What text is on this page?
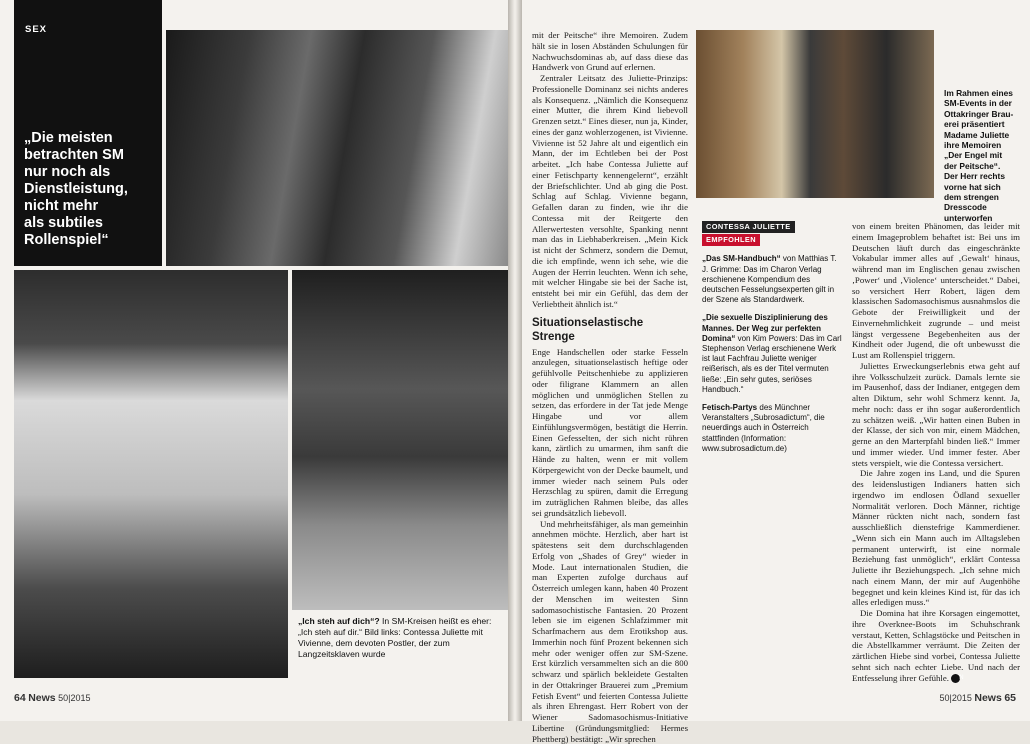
SEX
„Die meisten
betrachten SM
nur noch als
Dienstleistung,
nicht mehr
als subtiles
Rollenspiel“
„Ich steh auf dich“? In SM-Kreisen heißt es eher: „Ich steh auf dir.“ Bild links: Contessa Juliette mit Vivienne, dem devoten Postler, der zum Langzeitsklaven wurde
64 News 50|2015

mit der Peitsche“ ihre Memoiren. Zudem hält sie in losen Abständen Schulungen für Nachwuchsdominas ab, auf dass diese das Handwerk von Grund auf erlernen.

Zentraler Leitsatz des Juliette-Prinzips: Professionelle Dominanz sei nichts anderes als Konsequenz. „Nämlich die Konsequenz einer Mutter, die ihrem Kind liebevoll Grenzen setzt.“ Eines dieser, nun ja, Kinder, eines der ganz wohlerzogenen, ist Vivienne. Vivienne ist 52 Jahre alt und eigentlich ein Mann, der im Echtleben bei der Post arbeitet. „Ich habe Contessa Juliette auf einer Fetischparty kennengelernt“, erzählt der Briefschlichter. Und ab ging die Post. Schlag auf Schlag. Vivienne begann, Gefallen daran zu finden, wie ihr die Contessa mit der Reitgerte den Allerwertesten versohlte, Spanking nennt man das in Liebhaberkreisen. „Mein Kick ist nicht der Schmerz, sondern die Demut, die ich empfinde, wenn ich sehe, wie die Augen der Herrin leuchten. Wenn ich sehe, mit welcher Hingabe sie bei der Sache ist, entsteht bei mir ein Gefühl, das dem der Verliebtheit ähnlich ist.“

Situationselastische Strenge

Enge Handschellen oder starke Fesseln anzulegen, situationselastisch heftige oder gefühlvolle Peitschenhiebe zu applizieren oder filigrane Klammern an allen möglichen und unmöglichen Stellen zu setzen, das erfordere in der Tat jede Menge Hingabe und vor allem Einfühlungsvermögen, bestätigt die Herrin. Einen Gefesselten, der sich nicht rühren kann, zärtlich zu umarmen, ihm sanft die Hände zu halten, wenn er mit vollem Körpergewicht von der Decke baumelt, und immer wieder nach seinem Puls oder Herzschlag zu spüren, damit die Erregung im zuträglichen Rahmen bleibe, das alles sei grundsätzlich liebevoll.

Und mehrheitsfähiger, als man gemeinhin annehmen möchte. Herzlich, aber hart ist spätestens seit dem durchschlagenden Erfolg von „Shades of Grey“ wieder in Mode. Laut internationalen Studien, die man Experten zufolge durchaus auf Österreich umlegen kann, haben 40 Prozent der Menschen im weitesten Sinn sadomasochistische Fantasien. 20 Prozent leben sie im eigenen Schlafzimmer mit Scharfmachern aus dem Erotikshop aus. Immerhin noch fünf Prozent bekennen sich mehr oder weniger offen zur SM-Szene. Erst kürzlich versammelten sich an die 800 schwarz und spärlich bekleidete Gestalten in der Ottakringer Brauerei zum „Premium Fetish Event“ und feierten Contessa Juliette als ihren Ehrengast. Herr Robert von der Wiener Sadomasochismus-Initiative Libertine (Gründungsmitglied: Hermes Phettberg) bestätigt: „Wir sprechen

Im Rahmen eines
SM-Events in der
Ottakringer Brau-
erei präsentiert
Madame Juliette
ihre Memoiren
„Der Engel mit
der Peitsche“.
Der Herr rechts
vorne hat sich
dem strengen
Dresscode
unterworfen
CONTESSA JULIETTE
EMPFOHLEN
„Das SM-Handbuch“ von Matthias T. J. Grimme: Das im Charon Verlag erschienene Kompendium des deutschen Fesselungsexperten gilt in der Szene als Standardwerk.
„Die sexuelle Disziplinierung des Mannes. Der Weg zur perfekten Domina“ von Kim Powers: Das im Carl Stephenson Verlag erschienene Werk ist laut Fachfrau Juliette weniger reißerisch, als es der Titel vermuten ließe: „Ein sehr gutes, seriöses Handbuch.“
Fetisch-Partys des Münchner Veranstalters „Subrosadictum“, die neuerdings auch in Österreich stattfinden (Information: www.subrosadictum.de)

von einem breiten Phänomen, das leider mit einem Imageproblem behaftet ist: Bei uns im Deutschen läuft durch das eingeschränkte Vokabular immer alles auf ‚Gewalt‘ hinaus, während man im Englischen genau zwischen ‚Power‘ und ‚Violence‘ unterscheidet.“ Dabei, so versichert Herr Robert, lägen dem klassischen Sadomasochismus ausnahmslos die Gebote der Freiwilligkeit und der Einvernehmlichkeit zugrunde – und meist längst vergessene Begebenheiten aus der Kindheit oder Jugend, die oft unbewusst die Lust am Rollenspiel triggern.

Juliettes Erweckungserlebnis etwa geht auf ihre Volksschulzeit zurück. Damals lernte sie im Pausenhof, dass der Indianer, entgegen dem alten Diktum, sehr wohl Schmerz kennt. Ja, mehr noch: dass er ihn sogar außerordentlich zu schätzen weiß. „Wir hatten einen Buben in der Klasse, der sich von mir, einem Mädchen, gerne an den Marterpfahl binden ließ.“ Immer und immer wieder. Und immer fester. Aber stets verspielt, wie die Contessa versichert.

Die Jahre zogen ins Land, und die Spuren des leidenslustigen Indianers hatten sich irgendwo im endlosen Ödland sexueller Normalität verloren. Doch Männer, richtige Männer rückten nicht nach, sondern fast ausschließlich dienstefrige Kammerdiener. „Wenn sich ein Mann auch im Alltagsleben permanent unterwirft, ist eine normale Beziehung fast unmöglich“, erklärt Contessa Juliette ihr Beziehungspech. „Ich sehne mich nach einem Mann, der mir auf Augenhöhe begegnet und kein kleines Kind ist, für das ich alles erledigen muss.“

Die Domina hat ihre Korsagen eingemottet, ihre Overknee-Boots im Schuhschrank verstaut, Ketten, Schlagstöcke und Peitschen in die Abstellkammer verräumt. Die Zeiten der zärtlichen Hiebe sind vorbei, Contessa Juliette sehnt sich nach echter Liebe. Und nach der Entfesselung ihrer Gefühle. N

50|2015 News 65
